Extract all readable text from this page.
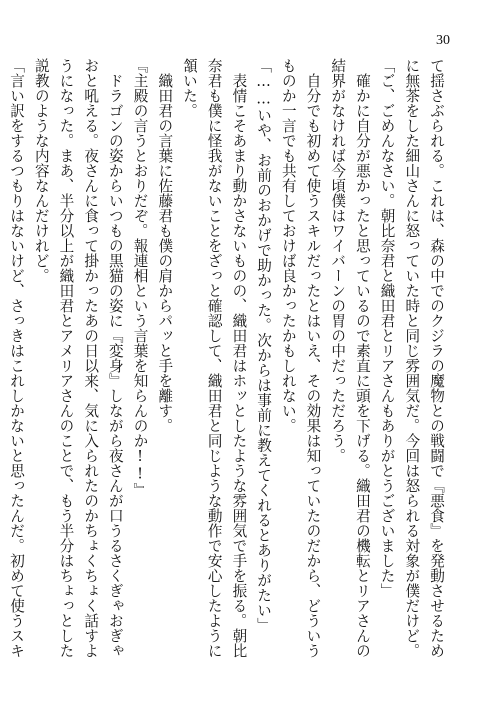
30
て揺さぶられる。これは、森の中でのクジラの魔物との戦闘で『悪食』を発動させるため
に無茶をした細山さんに怒っていた時と同じ雰囲気だ。今回は怒られる対象が僕だけど。
「ご、ごめんなさい。朝比奈君と織田君とリアさんもありがとうございました」
確かに自分が悪かったと思っているので素直に頭を下げる。織田君の機転とリアさんの
結界がなければ今頃僕はワイバーンの胃の中だっただろう。
自分でも初めて使うスキルだったとはいえ、その効果は知っていたのだから、どういう
ものか一言でも共有しておけば良かったかもしれない。
「……いや、お前のおかげで助かった。次からは事前に教えてくれるとありがたい」
表情こそあまり動かさないものの、織田君はホッとしたような雰囲気で手を振る。朝比
奈君も僕に怪我がないことをざっと確認して、織田君と同じような動作で安心したように
頷いた。
織田君の言葉に佐藤君も僕の肩からパッと手を離す。
『主殿の言うとおりだぞ。報連相という言葉を知らんのか!!』
ドラゴンの姿からいつもの黒猫の姿に『変身』しながら夜さんが口うるさくぎゃおぎゃ
おと吼える。夜さんに食って掛かったあの日以来、気に入られたのかちょくちょく話すよ
うになった。まあ、半分以上が織田君とアメリアさんのことで、もう半分はちょっとした
説教のような内容なんだけれど。
「言い訳をするつもりはないけど、さっきはこれしかないと思ったんだ。初めて使うスキ
